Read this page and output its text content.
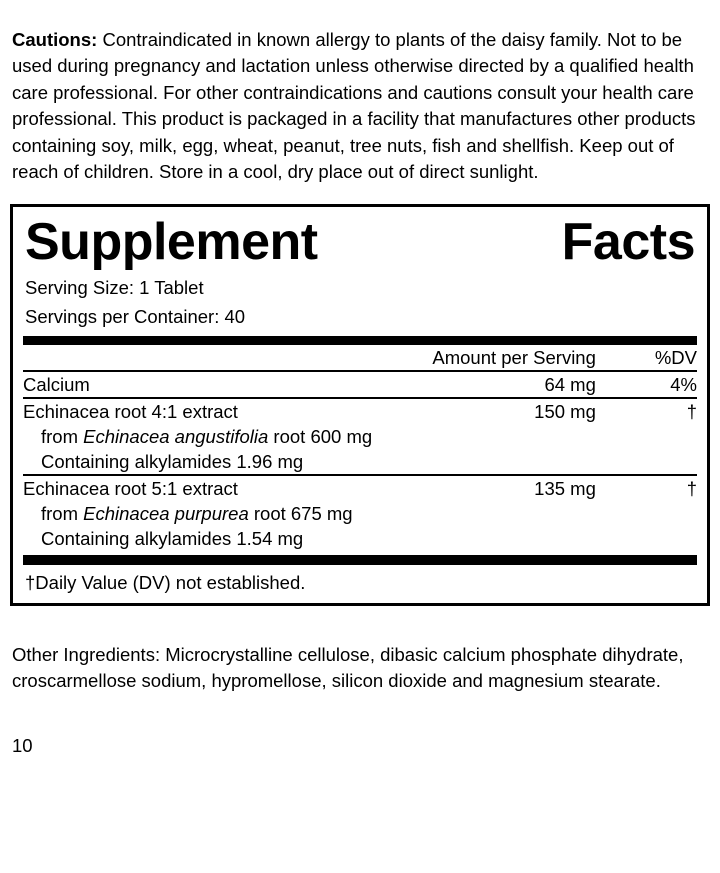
Cautions: Contraindicated in known allergy to plants of the daisy family. Not to be used during pregnancy and lactation unless otherwise directed by a qualified health care professional. For other contraindications and cautions consult your health care professional. This product is packaged in a facility that manufactures other products containing soy, milk, egg, wheat, peanut, tree nuts, fish and shellfish. Keep out of reach of children. Store in a cool, dry place out of direct sunlight.

Supplement	Facts
Serving Size: 1 Tablet
Servings per Container: 40
	Amount per Serving	%DV
Calcium	64 mg	4%
Echinacea root 4:1 extract	150 mg	†

from Echinacea angustifolia root 600 mg

Containing alkylamides 1.96 mg
Echinacea root 5:1 extract	135 mg	†

from Echinacea purpurea root 675 mg

Containing alkylamides 1.54 mg
†Daily Value (DV) not established.

Other Ingredients: Microcrystalline cellulose, dibasic calcium phosphate dihydrate, croscarmellose sodium, hypromellose, silicon dioxide and magnesium stearate.

10
